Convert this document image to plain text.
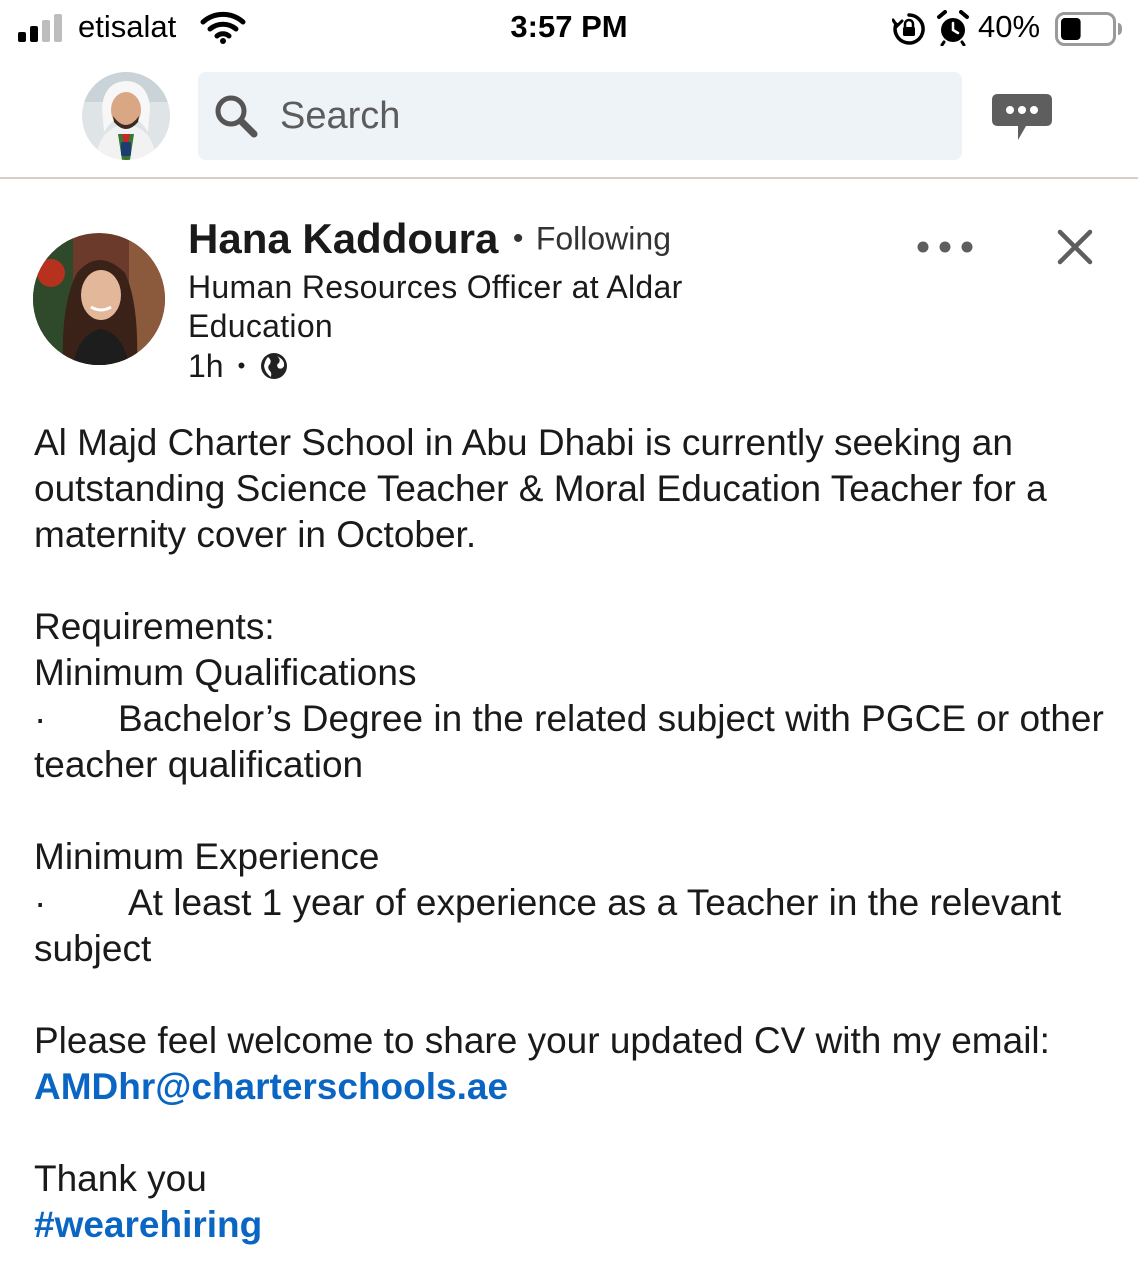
etisalat	3:57 PM	40%
Search
Hana Kaddoura • Following
Human Resources Officer at Aldar Education
1h •

Al Majd Charter School in Abu Dhabi is currently seeking an outstanding Science Teacher & Moral Education Teacher for a maternity cover in October.

Requirements:

Minimum Qualifications

· Bachelor’s Degree in the related subject with PGCE or other teacher qualification

Minimum Experience

· At least 1 year of experience as a Teacher in the relevant subject

Please feel welcome to share your updated CV with my email: AMDhr@charterschools.ae

Thank you

#wearehiring
